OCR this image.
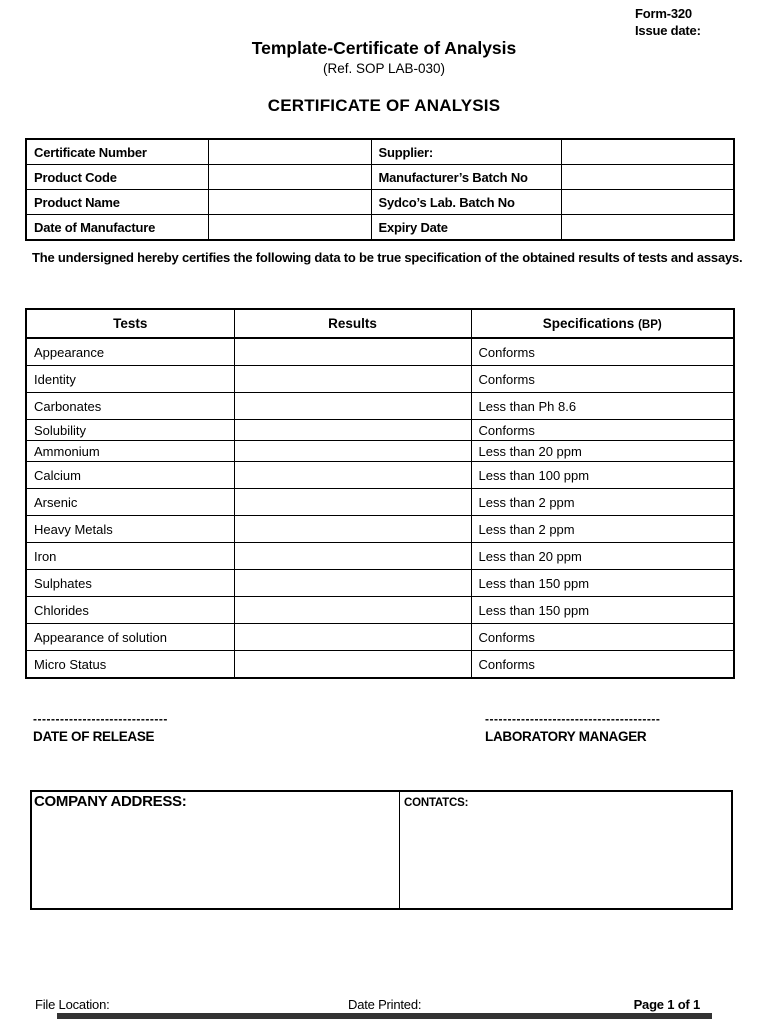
Form-320
Issue date:
Template-Certificate of Analysis
(Ref. SOP LAB-030)
CERTIFICATE OF ANALYSIS
Certificate Number		Supplier:	
Product Code		Manufacturer’s Batch No	
Product Name		Sydco’s Lab. Batch No	
Date of Manufacture		Expiry Date	
The undersigned hereby certifies the following data to be true specification of the obtained results of tests and assays.
Tests	Results	Specifications (BP)
Appearance		Conforms
Identity		Conforms
Carbonates		Less than Ph 8.6
Solubility		Conforms
Ammonium		Less than 20 ppm
Calcium		Less than 100 ppm
Arsenic		Less than 2 ppm
Heavy Metals		Less than 2 ppm
Iron		Less than 20 ppm
Sulphates		Less than 150 ppm
Chlorides		Less than 150 ppm
Appearance of solution		Conforms
Micro Status		Conforms
------------------------------
DATE OF RELEASE
---------------------------------------
LABORATORY MANAGER
COMPANY ADDRESS:	CONTATCS:
File Location:	Date Printed:	Page 1 of 1
